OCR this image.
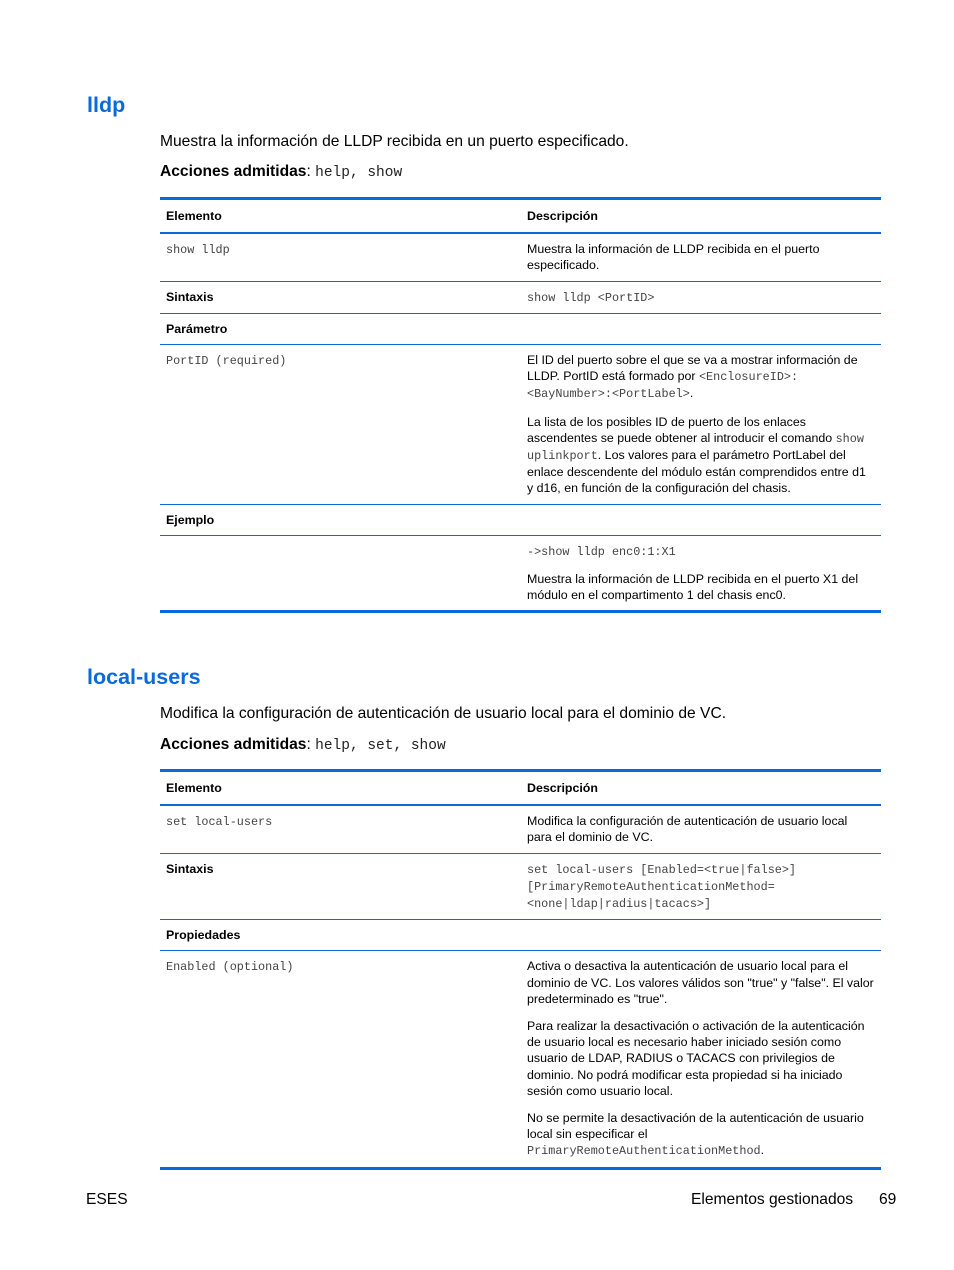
lldp

Muestra la información de LLDP recibida en un puerto especificado.

Acciones admitidas: help, show

Elemento	Descripción
show lldp	Muestra la información de LLDP recibida en el puerto especificado.
Sintaxis	show lldp <PortID>
Parámetro	
PortID (required)	El ID del puerto sobre el que se va a mostrar información de LLDP. PortID está formado por <EnclosureID>:<BayNumber>:<PortLabel>.

La lista de los posibles ID de puerto de los enlaces ascendentes se puede obtener al introducir el comando show uplinkport. Los valores para el parámetro PortLabel del enlace descendente del módulo están comprendidos entre d1 y d16, en función de la configuración del chasis.

Ejemplo	

	->show lldp enc0:1:X1

Muestra la información de LLDP recibida en el puerto X1 del módulo en el compartimento 1 del chasis enc0.

local-users

Modifica la configuración de autenticación de usuario local para el dominio de VC.

Acciones admitidas: help, set, show

Elemento	Descripción
set local-users	Modifica la configuración de autenticación de usuario local para el dominio de VC.
Sintaxis	set local-users [Enabled=<true|false>] [PrimaryRemoteAuthenticationMethod=<none|ldap|radius|tacacs>]
Propiedades	
Enabled (optional)	Activa o desactiva la autenticación de usuario local para el dominio de VC. Los valores válidos son "true" y "false". El valor predeterminado es "true".

Para realizar la desactivación o activación de la autenticación de usuario local es necesario haber iniciado sesión como usuario de LDAP, RADIUS o TACACS con privilegios de dominio. No podrá modificar esta propiedad si ha iniciado sesión como usuario local.

No se permite la desactivación de la autenticación de usuario local sin especificar el PrimaryRemoteAuthenticationMethod.

ESES	Elementos gestionados 69
